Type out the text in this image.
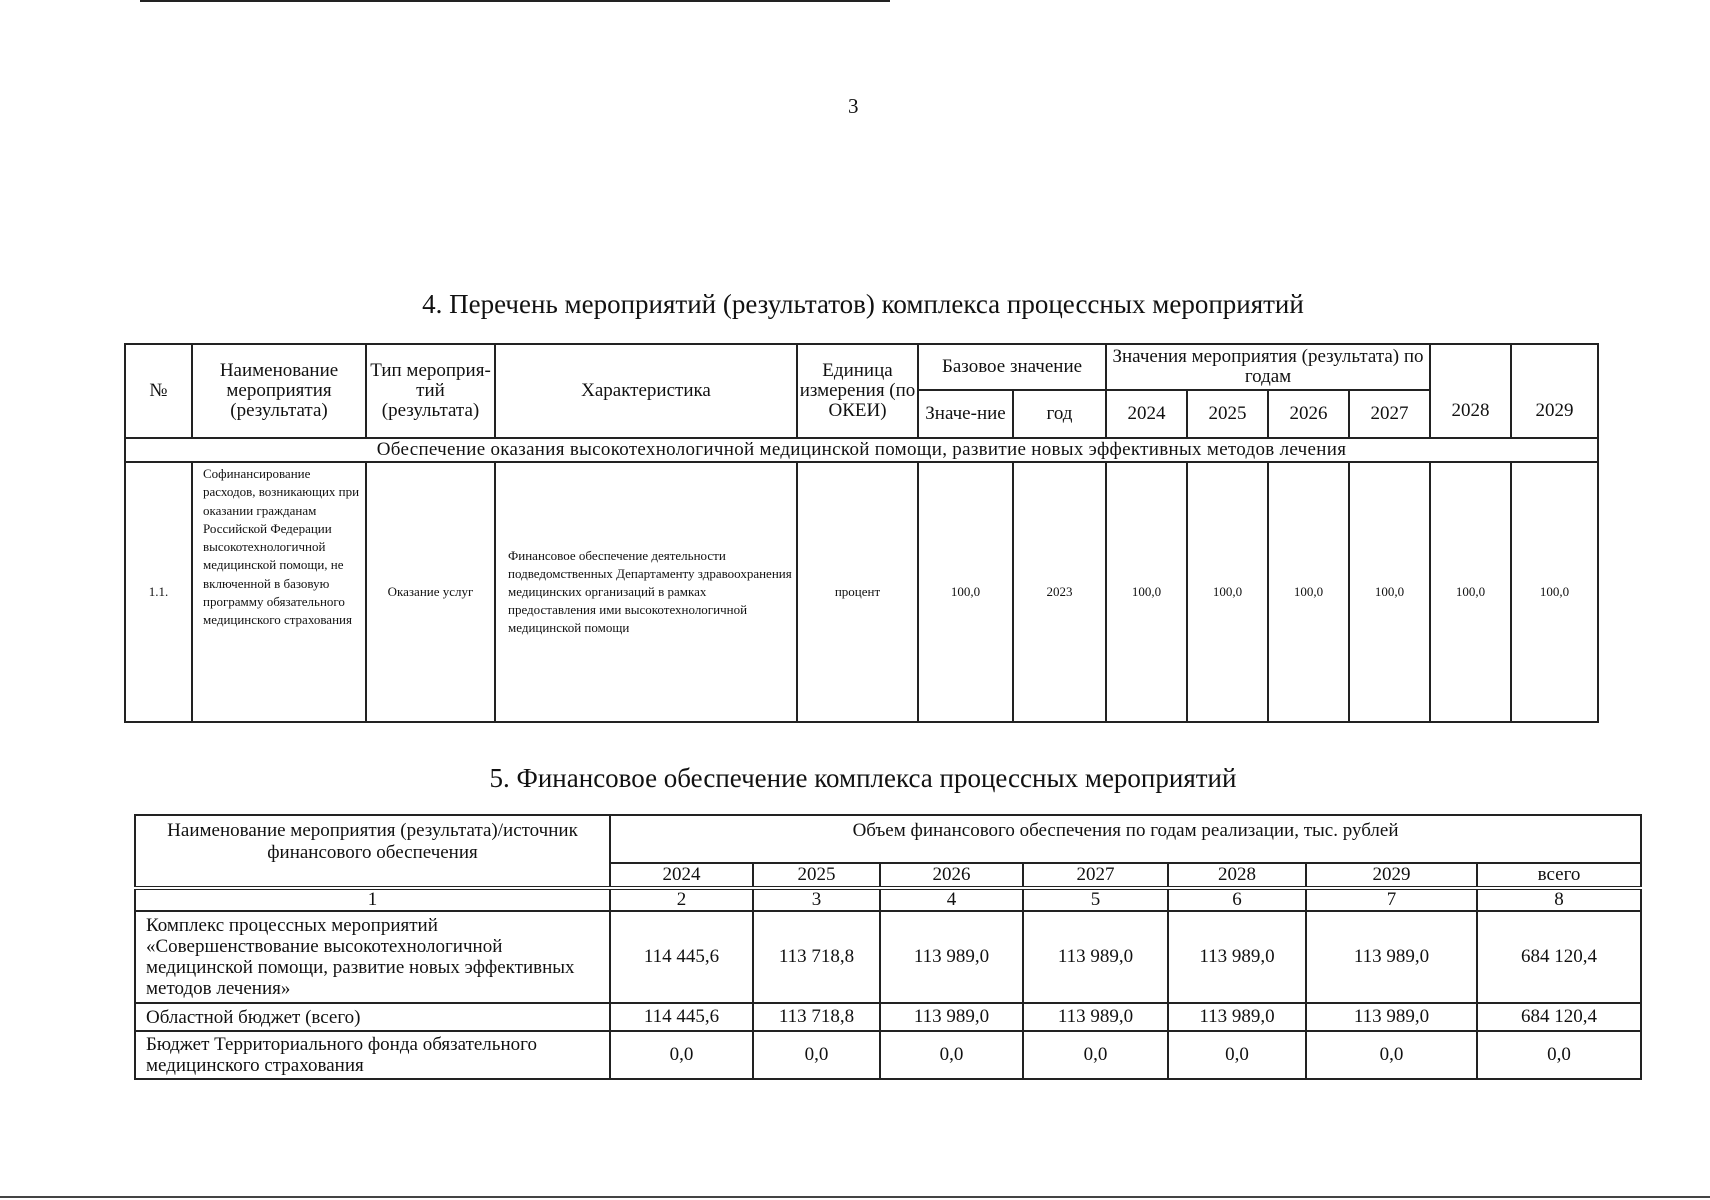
3
4. Перечень мероприятий (результатов) комплекса процессных мероприятий
№	Наименование мероприятия (результата)	Тип мероприя-тий (результата)	Характеристика	Единица измерения (по ОКЕИ)	Базовое значение		Значения мероприятия (результата) по годам				2028	2029
					Значе-ние	год	2024	2025	2026	2027		
Обеспечение оказания высокотехнологичной медицинской помощи, развитие новых эффективных методов лечения												
1.1.	Софинансирование расходов, возникающих при оказании гражданам Российской Федерации высокотехнологичной медицинской помощи, не включенной в базовую программу обязательного медицинского страхования	Оказание услуг	Финансовое обеспечение деятельности подведомственных Департаменту здравоохранения медицинских организаций в рамках предоставления ими высокотехнологичной медицинской помощи	процент	100,0	2023	100,0	100,0	100,0	100,0	100,0	100,0
5. Финансовое обеспечение комплекса процессных мероприятий
Наименование мероприятия (результата)/источник финансового обеспечения	Объем финансового обеспечения по годам реализации, тыс. рублей						
	2024	2025	2026	2027	2028	2029	всего
1	2	3	4	5	6	7	8
Комплекс процессных мероприятий «Совершенствование высокотехнологичной медицинской помощи, развитие новых эффективных методов лечения»	114 445,6	113 718,8	113 989,0	113 989,0	113 989,0	113 989,0	684 120,4
Областной бюджет (всего)	114 445,6	113 718,8	113 989,0	113 989,0	113 989,0	113 989,0	684 120,4
Бюджет Территориального фонда обязательного медицинского страхования	0,0	0,0	0,0	0,0	0,0	0,0	0,0
